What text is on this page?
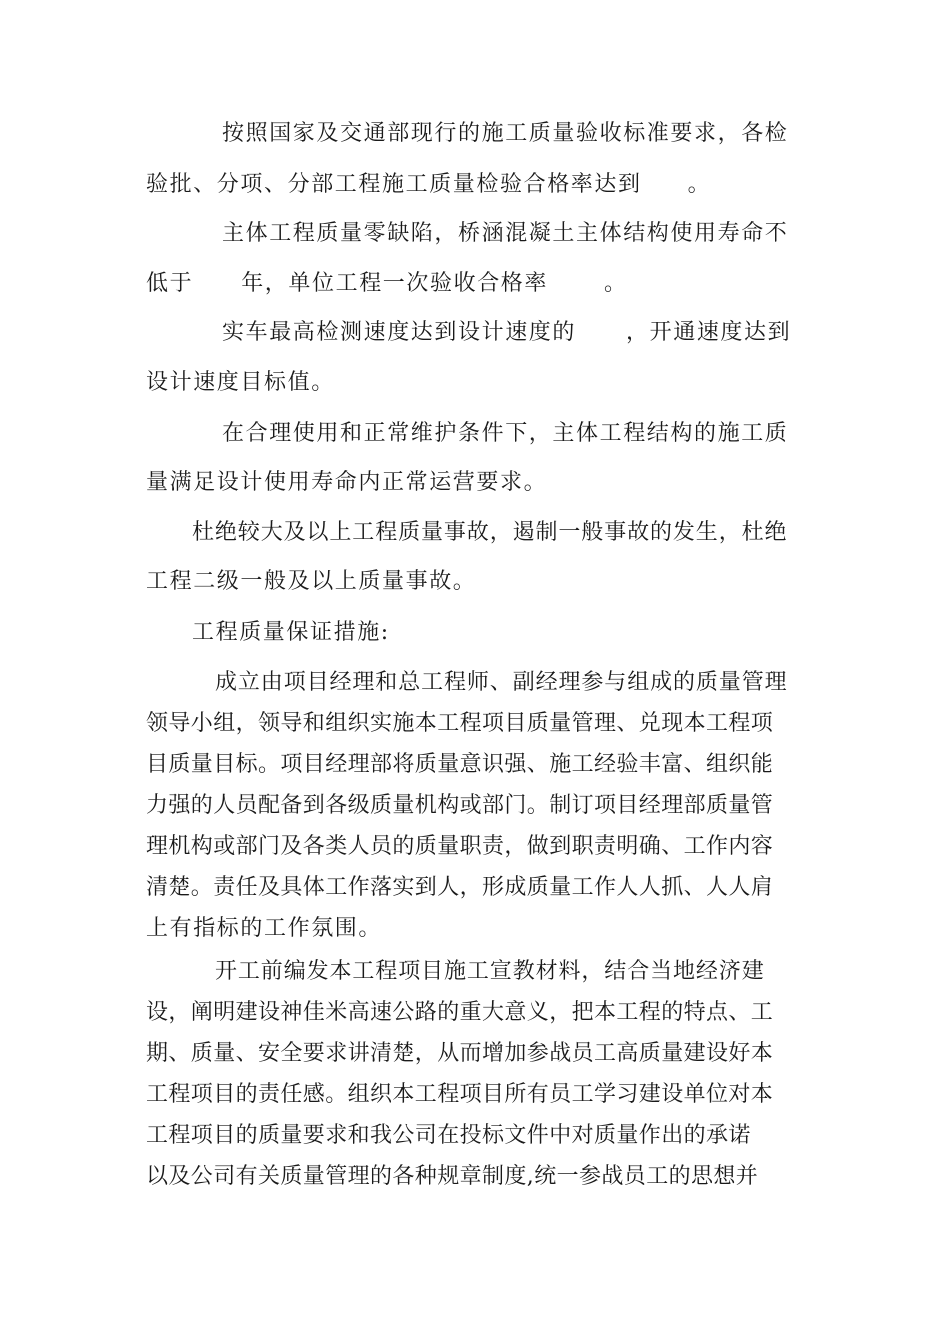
按照国家及交通部现行的施工质量验收标准要求，各检
验批、分项、分部工程施工质量检验合格率达到 。
主体工程质量零缺陷，桥涵混凝土主体结构使用寿命不
低于 年，单位工程一次验收合格率	。
实车最高检测速度达到设计速度的 ，开通速度达到
设计速度目标值。
在合理使用和正常维护条件下，主体工程结构的施工质
量满足设计使用寿命内正常运营要求。
杜绝较大及以上工程质量事故，遏制一般事故的发生，杜绝
工程二级一般及以上质量事故。
工程质量保证措施:
成立由项目经理和总工程师、副经理参与组成的质量管理
领导小组，领导和组织实施本工程项目质量管理、兑现本工程项
目质量目标。项目经理部将质量意识强、施工经验丰富、组织能
力强的人员配备到各级质量机构或部门。制订项目经理部质量管
理机构或部门及各类人员的质量职责，做到职责明确、工作内容
清楚。责任及具体工作落实到人，形成质量工作人人抓、人人肩
上有指标的工作氛围。
开工前编发本工程项目施工宣教材料，结合当地经济建
设，阐明建设神佳米高速公路的重大意义，把本工程的特点、工
期、质量、安全要求讲清楚，从而增加参战员工高质量建设好本
工程项目的责任感。组织本工程项目所有员工学习建设单位对本
工程项目的质量要求和我公司在投标文件中对质量作出的承诺
以及公司有关质量管理的各种规章制度,统一参战员工的思想并
